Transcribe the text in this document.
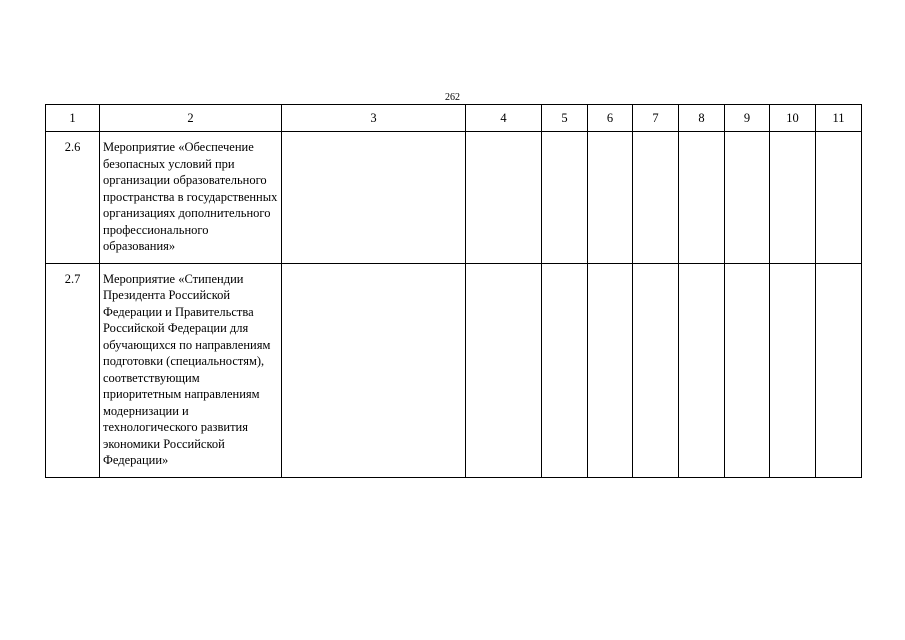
262
1	2	3	4	5	6	7	8	9	10	11
2.6	Мероприятие «Обеспечение безопасных условий при организации образовательного пространства в государственных организациях дополнительного профессионального образования»									
2.7	Мероприятие «Стипендии Президента Российской Федерации и Правительства Российской Федерации для обучающихся по направлениям подготовки (специальностям), соответствующим приоритетным направлениям модернизации и технологического развития экономики Российской Федерации»									
